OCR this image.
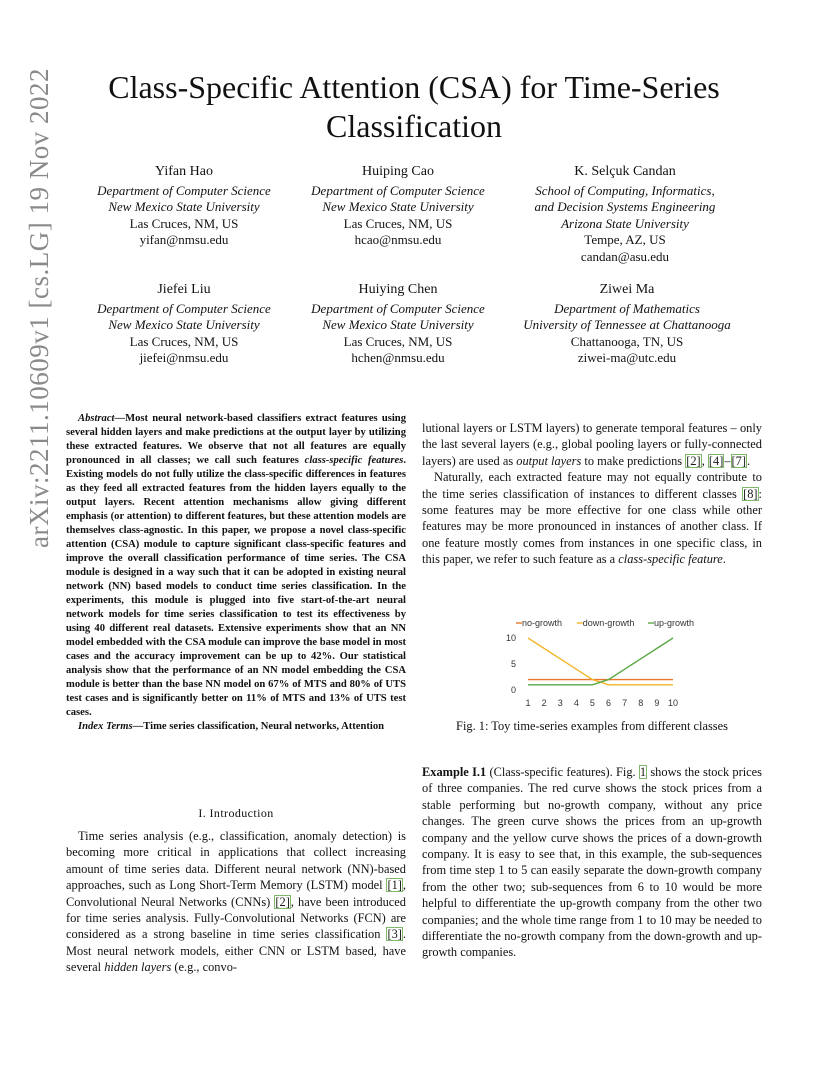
Class-Specific Attention (CSA) for Time-Series Classification
arXiv:2211.10609v1 [cs.LG] 19 Nov 2022	Yifan Hao
Department of Computer Science
New Mexico State University
Las Cruces, NM, US
yifan@nmsu.edu
Huiping Cao
Department of Computer Science
New Mexico State University
Las Cruces, NM, US
hcao@nmsu.edu
K. Selçuk Candan
School of Computing, Informatics,
and Decision Systems Engineering
Arizona State University
Tempe, AZ, US
candan@asu.edu
Jiefei Liu
Department of Computer Science
New Mexico State University
Las Cruces, NM, US
jiefei@nmsu.edu
Huiying Chen
Department of Computer Science
New Mexico State University
Las Cruces, NM, US
hchen@nmsu.edu
Ziwei Ma
Department of Mathematics
University of Tennessee at Chattanooga
Chattanooga, TN, US
ziwei-ma@utc.edu

Abstract—Most neural network-based classifiers extract features using several hidden layers and make predictions at the output layer by utilizing these extracted features. We observe that not all features are equally pronounced in all classes; we call such features class-specific features. Existing models do not fully utilize the class-specific differences in features as they feed all extracted features from the hidden layers equally to the output layers. Recent attention mechanisms allow giving different emphasis (or attention) to different features, but these attention models are themselves class-agnostic. In this paper, we propose a novel class-specific attention (CSA) module to capture significant class-specific features and improve the overall classification performance of time series. The CSA module is designed in a way such that it can be adopted in existing neural network (NN) based models to conduct time series classification. In the experiments, this module is plugged into five start-of-the-art neural network models for time series classification to test its effectiveness by using 40 different real datasets. Extensive experiments show that an NN model embedded with the CSA module can improve the base model in most cases and the accuracy improvement can be up to 42%. Our statistical analysis show that the performance of an NN model embedding the CSA module is better than the base NN model on 67% of MTS and 80% of UTS test cases and is significantly better on 11% of MTS and 13% of UTS test cases.

Index Terms—Time series classification, Neural networks, Attention

I. Introduction

Time series analysis (e.g., classification, anomaly detection) is becoming more critical in applications that collect increasing amount of time series data. Different neural network (NN)-based approaches, such as Long Short-Term Memory (LSTM) model [1], Convolutional Neural Networks (CNNs) [2], have been introduced for time series analysis. Fully-Convolutional Networks (FCN) are considered as a strong baseline in time series classification [3]. Most neural network models, either CNN or LSTM based, have several hidden layers (e.g., convo-

lutional layers or LSTM layers) to generate temporal features – only the last several layers (e.g., global pooling layers or fully-connected layers) are used as output layers to make predictions [2], [4]–[7].

Naturally, each extracted feature may not equally contribute to the time series classification of instances to different classes [8]: some features may be more effective for one class while other features may be more pronounced in instances of another class. If one feature mostly comes from instances in one specific class, in this paper, we refer to such feature as a class-specific feature.

no-growth down-growth up-growth
0
5
10
1 2 3 4 5 6 7 8 9 10
Fig. 1: Toy time-series examples from different classes

Example I.1 (Class-specific features). Fig. 1 shows the stock prices of three companies. The red curve shows the stock prices from a stable performing but no-growth company, without any price changes. The green curve shows the prices from an up-growth company and the yellow curve shows the prices of a down-growth company. It is easy to see that, in this example, the sub-sequences from time step 1 to 5 can easily separate the down-growth company from the other two; sub-sequences from 6 to 10 would be more helpful to differentiate the up-growth company from the other two companies; and the whole time range from 1 to 10 may be needed to differentiate the no-growth company from the down-growth and up-growth companies.
